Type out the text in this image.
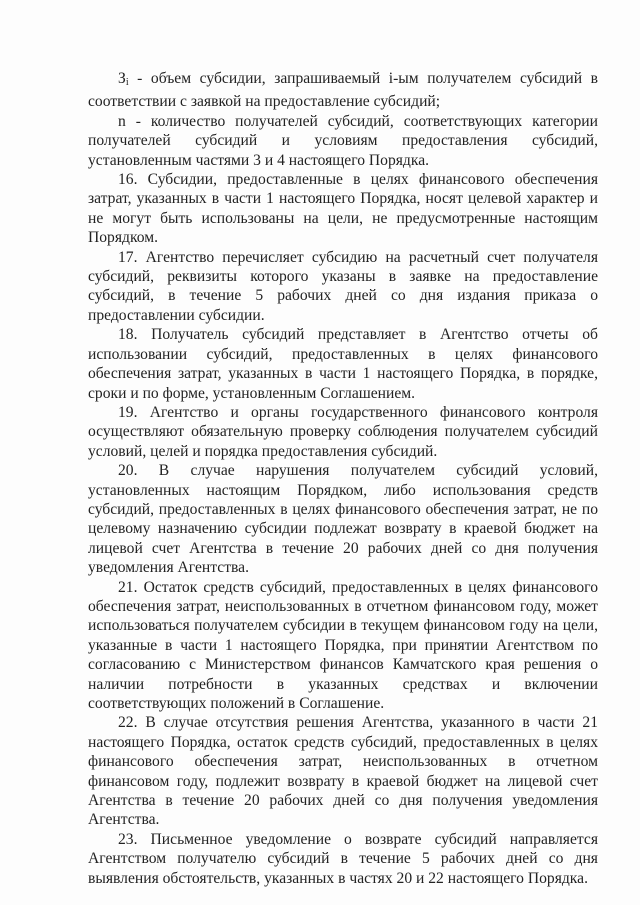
$З_i$ - объем субсидии, запрашиваемый i-ым получателем субсидий в соответствии с заявкой на предоставление субсидий;

n - количество получателей субсидий, соответствующих категории получателей субсидий и условиям предоставления субсидий, установленным частями 3 и 4 настоящего Порядка.

16. Субсидии, предоставленные в целях финансового обеспечения затрат, указанных в части 1 настоящего Порядка, носят целевой характер и не могут быть использованы на цели, не предусмотренные настоящим Порядком.

17. Агентство перечисляет субсидию на расчетный счет получателя субсидий, реквизиты которого указаны в заявке на предоставление субсидий, в течение 5 рабочих дней со дня издания приказа о предоставлении субсидии.

18. Получатель субсидий представляет в Агентство отчеты об использовании субсидий, предоставленных в целях финансового обеспечения затрат, указанных в части 1 настоящего Порядка, в порядке, сроки и по форме, установленным Соглашением.

19. Агентство и органы государственного финансового контроля осуществляют обязательную проверку соблюдения получателем субсидий условий, целей и порядка предоставления субсидий.

20. В случае нарушения получателем субсидий условий, установленных настоящим Порядком, либо использования средств субсидий, предоставленных в целях финансового обеспечения затрат, не по целевому назначению субсидии подлежат возврату в краевой бюджет на лицевой счет Агентства в течение 20 рабочих дней со дня получения уведомления Агентства.

21. Остаток средств субсидий, предоставленных в целях финансового обеспечения затрат, неиспользованных в отчетном финансовом году, может использоваться получателем субсидии в текущем финансовом году на цели, указанные в части 1 настоящего Порядка, при принятии Агентством по согласованию с Министерством финансов Камчатского края решения о наличии потребности в указанных средствах и включении соответствующих положений в Соглашение.

22. В случае отсутствия решения Агентства, указанного в части 21 настоящего Порядка, остаток средств субсидий, предоставленных в целях финансового обеспечения затрат, неиспользованных в отчетном финансовом году, подлежит возврату в краевой бюджет на лицевой счет Агентства в течение 20 рабочих дней со дня получения уведомления Агентства.

23. Письменное уведомление о возврате субсидий направляется Агентством получателю субсидий в течение 5 рабочих дней со дня выявления обстоятельств, указанных в частях 20 и 22 настоящего Порядка.
